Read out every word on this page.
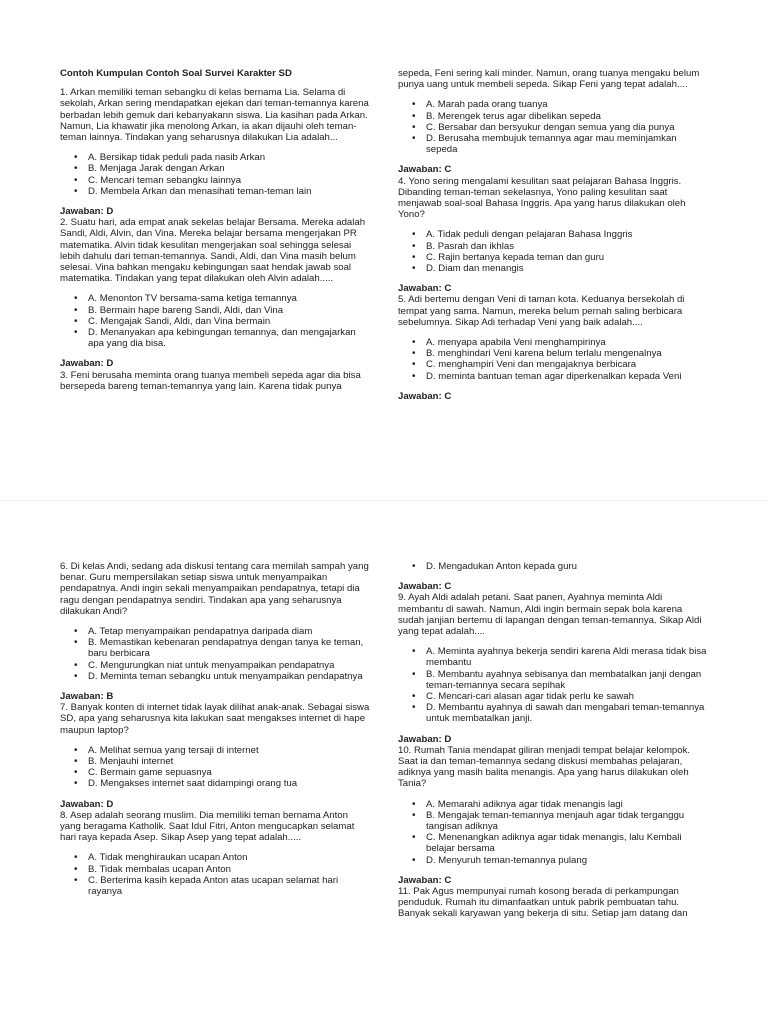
Contoh Kumpulan Contoh Soal Survei Karakter SD

1. Arkan memiliki teman sebangku di kelas bernama Lia. Selama di sekolah, Arkan sering mendapatkan ejekan dari teman-temannya karena berbadan lebih gemuk dari kebanyakann siswa. Lia kasihan pada Arkan. Namun, Lia khawatir jika menolong Arkan, ia akan dijauhi oleh teman-teman lainnya. Tindakan yang seharusnya dilakukan Lia adalah...

• A. Bersikap tidak peduli pada nasib Arkan
• B. Menjaga Jarak dengan Arkan
• C. Mencari teman sebangku lainnya
• D. Membela Arkan dan menasihati teman-teman lain

Jawaban: D

2. Suatu hari, ada empat anak sekelas belajar Bersama. Mereka adalah Sandi, Aldi, Alvin, dan Vina. Mereka belajar bersama mengerjakan PR matematika. Alvin tidak kesulitan mengerjakan soal sehingga selesai lebih dahulu dari teman-temannya. Sandi, Aldi, dan Vina masih belum selesai. Vina bahkan mengaku kebingungan saat hendak jawab soal matematika. Tindakan yang tepat dilakukan oleh Alvin adalah.....

• A. Menonton TV bersama-sama ketiga temannya
• B. Bermain hape bareng Sandi, Aldi, dan Vina
• C. Mengajak Sandi, Aldi, dan Vina bermain
• D. Menanyakan apa kebingungan temannya, dan mengajarkan apa yang dia bisa.

Jawaban: D

3. Feni berusaha meminta orang tuanya membeli sepeda agar dia bisa bersepeda bareng teman-temannya yang lain. Karena tidak punya

sepeda, Feni sering kali minder. Namun, orang tuanya mengaku belum punya uang untuk membeli sepeda. Sikap Feni yang tepat adalah....

• A. Marah pada orang tuanya
• B. Merengek terus agar dibelikan sepeda
• C. Bersabar dan bersyukur dengan semua yang dia punya
• D. Berusaha membujuk temannya agar mau meminjamkan sepeda

Jawaban: C

4. Yono sering mengalami kesulitan saat pelajaran Bahasa Inggris. Dibanding teman-teman sekelasnya, Yono paling kesulitan saat menjawab soal-soal Bahasa Inggris. Apa yang harus dilakukan oleh Yono?

• A. Tidak peduli dengan pelajaran Bahasa Inggris
• B. Pasrah dan ikhlas
• C. Rajin bertanya kepada teman dan guru
• D. Diam dan menangis

Jawaban: C

5. Adi bertemu dengan Veni di taman kota. Keduanya bersekolah di tempat yang sama. Namun, mereka belum pernah saling berbicara sebelumnya. Sikap Adi terhadap Veni yang baik adalah....

• A. menyapa apabila Veni menghampirinya
• B. menghindari Veni karena belum terlalu mengenalnya
• C. menghampiri Veni dan mengajaknya berbicara
• D. meminta bantuan teman agar diperkenalkan kepada Veni

Jawaban: C

6. Di kelas Andi, sedang ada diskusi tentang cara memilah sampah yang benar. Guru mempersilakan setiap siswa untuk menyampaikan pendapatnya. Andi ingin sekali menyampaikan pendapatnya, tetapi dia ragu dengan pendapatnya sendiri. Tindakan apa yang seharusnya dilakukan Andi?

• A. Tetap menyampaikan pendapatnya daripada diam
• B. Memastikan kebenaran pendapatnya dengan tanya ke teman, baru berbicara
• C. Mengurungkan niat untuk menyampaikan pendapatnya
• D. Meminta teman sebangku untuk menyampaikan pendapatnya

Jawaban: B

7. Banyak konten di internet tidak layak dilihat anak-anak. Sebagai siswa SD, apa yang seharusnya kita lakukan saat mengakses internet di hape maupun laptop?

• A. Melihat semua yang tersaji di internet
• B. Menjauhi internet
• C. Bermain game sepuasnya
• D. Mengakses internet saat didampingi orang tua

Jawaban: D

8. Asep adalah seorang muslim. Dia memiliki teman bernama Anton yang beragama Katholik. Saat Idul Fitri, Anton mengucapkan selamat hari raya kepada Asep. Sikap Asep yang tepat adalah.....

• A. Tidak menghiraukan ucapan Anton
• B. Tidak membalas ucapan Anton
• C. Berterima kasih kepada Anton atas ucapan selamat hari rayanya
• D. Mengadukan Anton kepada guru

Jawaban: C

9. Ayah Aldi adalah petani. Saat panen, Ayahnya meminta Aldi membantu di sawah. Namun, Aldi ingin bermain sepak bola karena sudah janjian bertemu di lapangan dengan teman-temannya. Sikap Aldi yang tepat adalah....

• A. Meminta ayahnya bekerja sendiri karena Aldi merasa tidak bisa membantu
• B. Membantu ayahnya sebisanya dan membatalkan janji dengan teman-temannya secara sepihak
• C. Mencari-cari alasan agar tidak perlu ke sawah
• D. Membantu ayahnya di sawah dan mengabari teman-temannya untuk membatalkan janji.

Jawaban: D

10. Rumah Tania mendapat giliran menjadi tempat belajar kelompok. Saat ia dan teman-temannya sedang diskusi membahas pelajaran, adiknya yang masih balita menangis. Apa yang harus dilakukan oleh Tania?

• A. Memarahi adiknya agar tidak menangis lagi
• B. Mengajak teman-temannya menjauh agar tidak terganggu tangisan adiknya
• C. Menenangkan adiknya agar tidak menangis, lalu Kembali belajar bersama
• D. Menyuruh teman-temannya pulang

Jawaban: C

11. Pak Agus mempunyai rumah kosong berada di perkampungan penduduk. Rumah itu dimanfaatkan untuk pabrik pembuatan tahu. Banyak sekali karyawan yang bekerja di situ. Setiap jam datang dan
